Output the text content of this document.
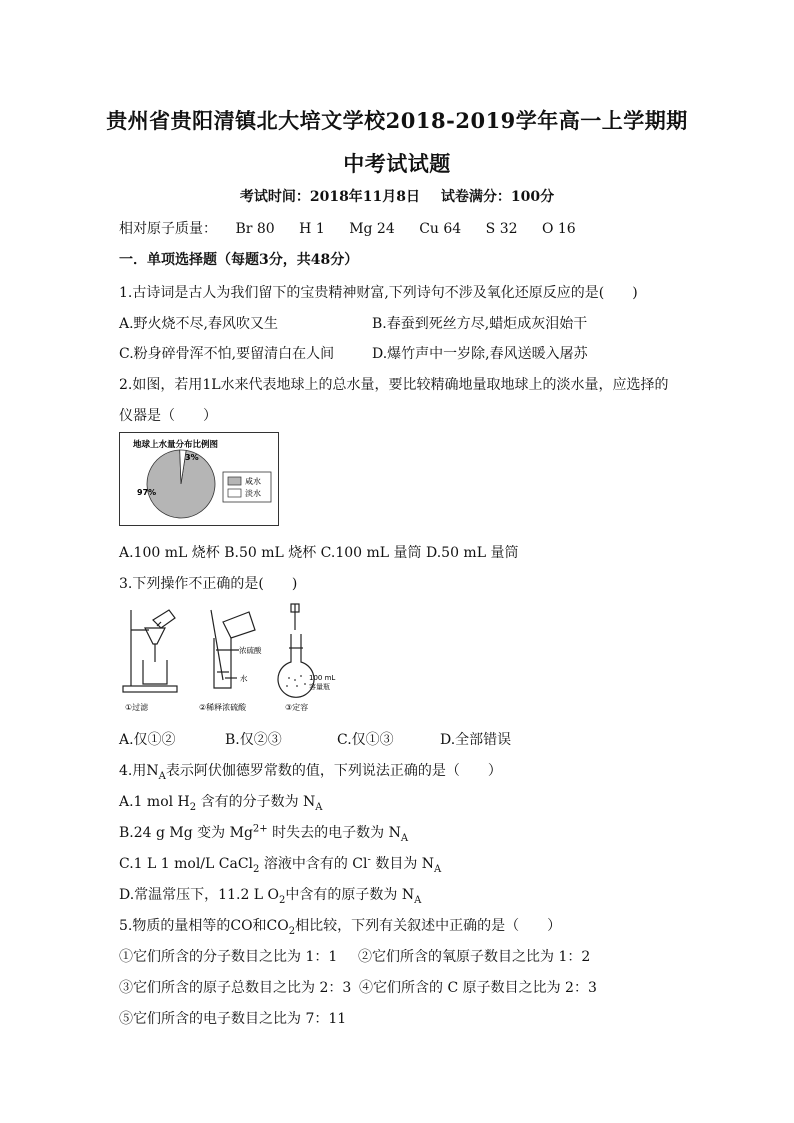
贵州省贵阳清镇北大培文学校2018-2019学年高一上学期期
中考试试题
考试时间：2018年11月8日 试卷满分：100分
相对原子质量： Br 80 H 1 Mg 24 Cu 64 S 32 O 16
一．单项选择题（每题3分，共48分）
1.古诗词是古人为我们留下的宝贵精神财富,下列诗句不涉及氧化还原反应的是(　　)
A.野火烧不尽,春风吹又生	B.春蚕到死丝方尽,蜡炬成灰泪始干
C.粉身碎骨浑不怕,要留清白在人间	D.爆竹声中一岁除,春风送暖入屠苏
2.如图，若用1L水来代表地球上的总水量，要比较精确地量取地球上的淡水量，应选择的
仪器是（　　）
地球上水量分布比例图
97%
3%
咸水
淡水
A.100 mL 烧杯 B.50 mL 烧杯 C.100 mL 量筒 D.50 mL 量筒
3.下列操作不正确的是(　　)
浓硫酸
水	100 mL
容量瓶
①过滤	②稀释浓硫酸	③定容
A.仅①②	B.仅②③	C.仅①③	D.全部错误
4.用$N_A$表示阿伏伽德罗常数的值，下列说法正确的是（　　）
A.1 mol $H_2$ 含有的分子数为 $N_A$
B.24 g Mg 变为 $Mg^{2+}$ 时失去的电子数为 $N_A$
C.1 L 1 mol/L CaCl$_2$ 溶液中含有的 Cl- 数目为 $N_A$
D.常温常压下，11.2 L $O_2$中含有的原子数为 $N_A$
5.物质的量相等的CO和$CO_2$相比较，下列有关叙述中正确的是（　　）
①它们所含的分子数目之比为 1：1 ②它们所含的氧原子数目之比为 1：2
③它们所含的原子总数目之比为 2：3 ④它们所含的 C 原子数目之比为 2：3
⑤它们所含的电子数目之比为 7：11
